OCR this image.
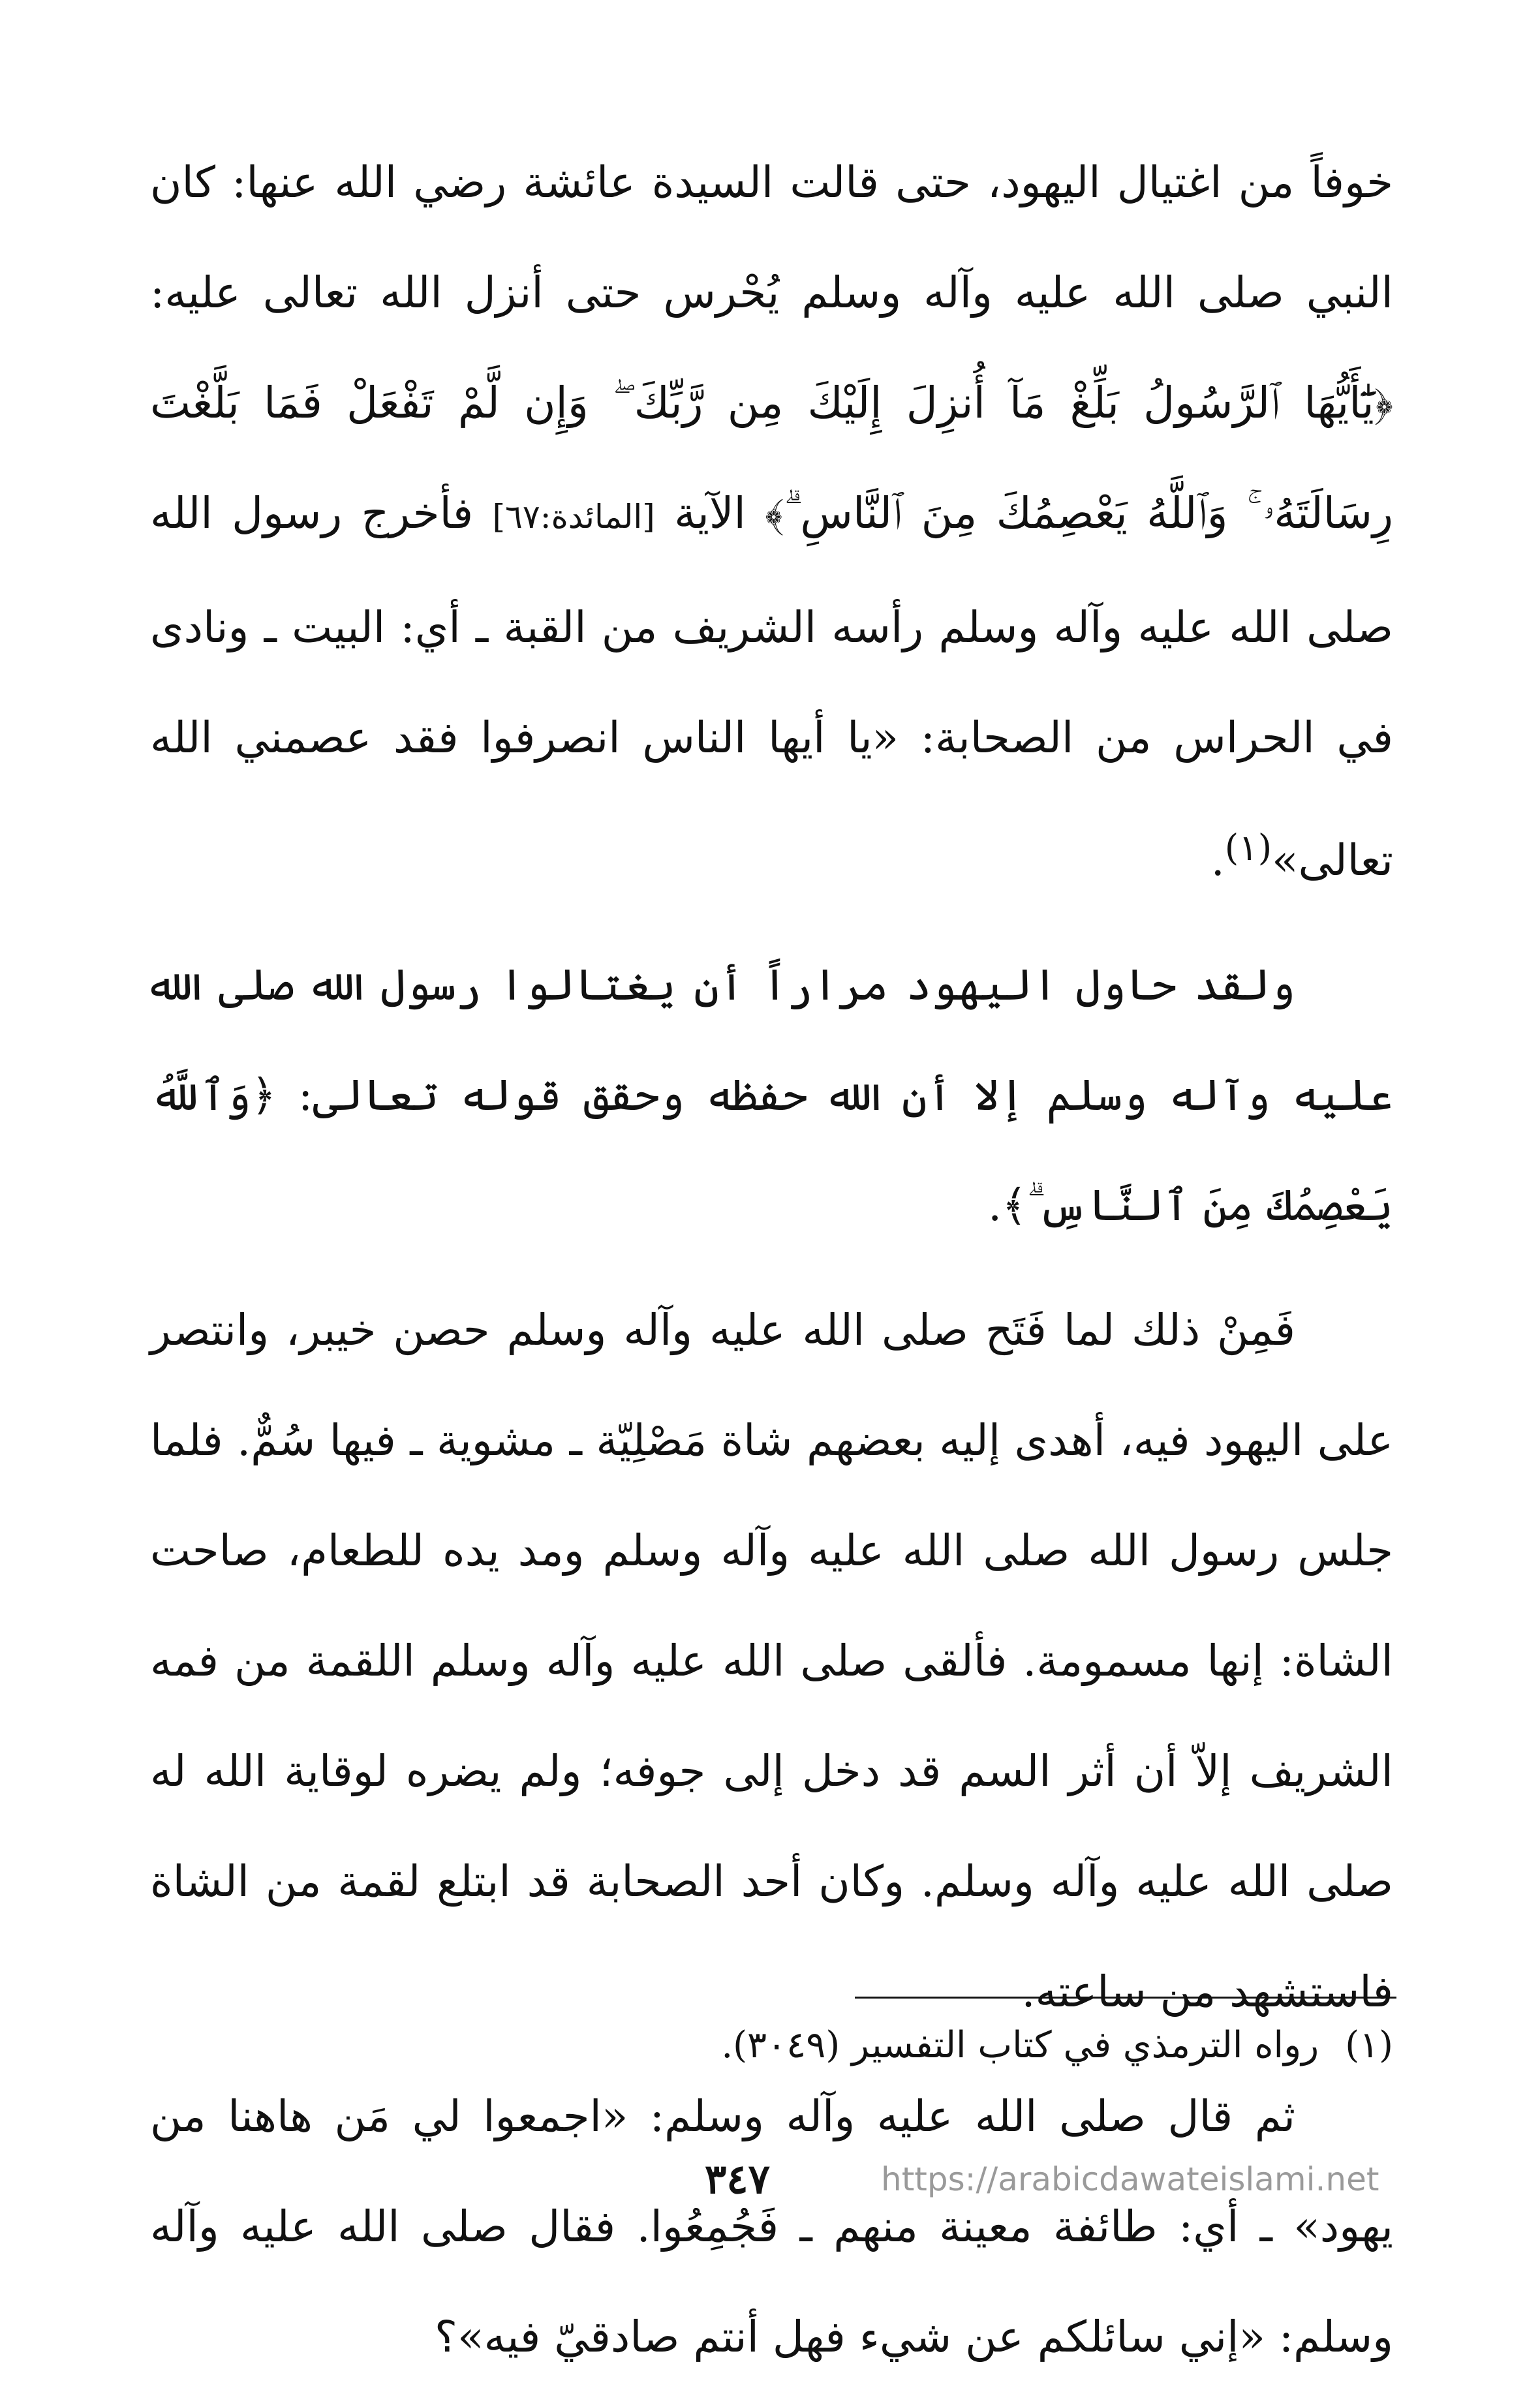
خوفاً من اغتيال اليهود، حتى قالت السيدة عائشة رضي الله عنها: كان النبي صلى الله عليه وآله وسلم يُحْرس حتى أنزل الله تعالى عليه: ﴿يَٰٓأَيُّهَا ٱلرَّسُولُ بَلِّغْ مَآ أُنزِلَ إِلَيْكَ مِن رَّبِّكَ ۖ وَإِن لَّمْ تَفْعَلْ فَمَا بَلَّغْتَ رِسَالَتَهُۥ ۚ وَٱللَّهُ يَعْصِمُكَ مِنَ ٱلنَّاسِ ۗ﴾ الآية [المائدة:٦٧] فأخرج رسول الله صلى الله عليه وآله وسلم رأسه الشريف من القبة ـ أي: البيت ـ ونادى في الحراس من الصحابة: «يا أيها الناس انصرفوا فقد عصمني الله تعالى»$^{(١)}$.

ولقد حاول اليهود مراراً أن يغتالوا رسول الله صلى الله عليه وآله وسلم إلا أن الله حفظه وحقق قوله تعالى: ﴿وَٱللَّهُ يَعْصِمُكَ مِنَ ٱلنَّاسِ ۗ﴾.

فَمِنْ ذلك لما فَتَح صلى الله عليه وآله وسلم حصن خيبر، وانتصر على اليهود فيه، أهدى إليه بعضهم شاة مَصْلِيّة ـ مشوية ـ فيها سُمٌّ. فلما جلس رسول الله صلى الله عليه وآله وسلم ومد يده للطعام، صاحت الشاة: إنها مسمومة. فألقى صلى الله عليه وآله وسلم اللقمة من فمه الشريف إلاّ أن أثر السم قد دخل إلى جوفه؛ ولم يضره لوقاية الله له صلى الله عليه وآله وسلم. وكان أحد الصحابة قد ابتلع لقمة من الشاة فاستشهد من ساعته.

ثم قال صلى الله عليه وآله وسلم: «اجمعوا لي مَن هاهنا من يهود» ـ أي: طائفة معينة منهم ـ فَجُمِعُوا. فقال صلى الله عليه وآله وسلم: «إني سائلكم عن شيء فهل أنتم صادقيّ فيه»؟

(١)رواه الترمذي في كتاب التفسير (٣٠٤٩).
٣٤٧	https://arabicdawateislami.net
